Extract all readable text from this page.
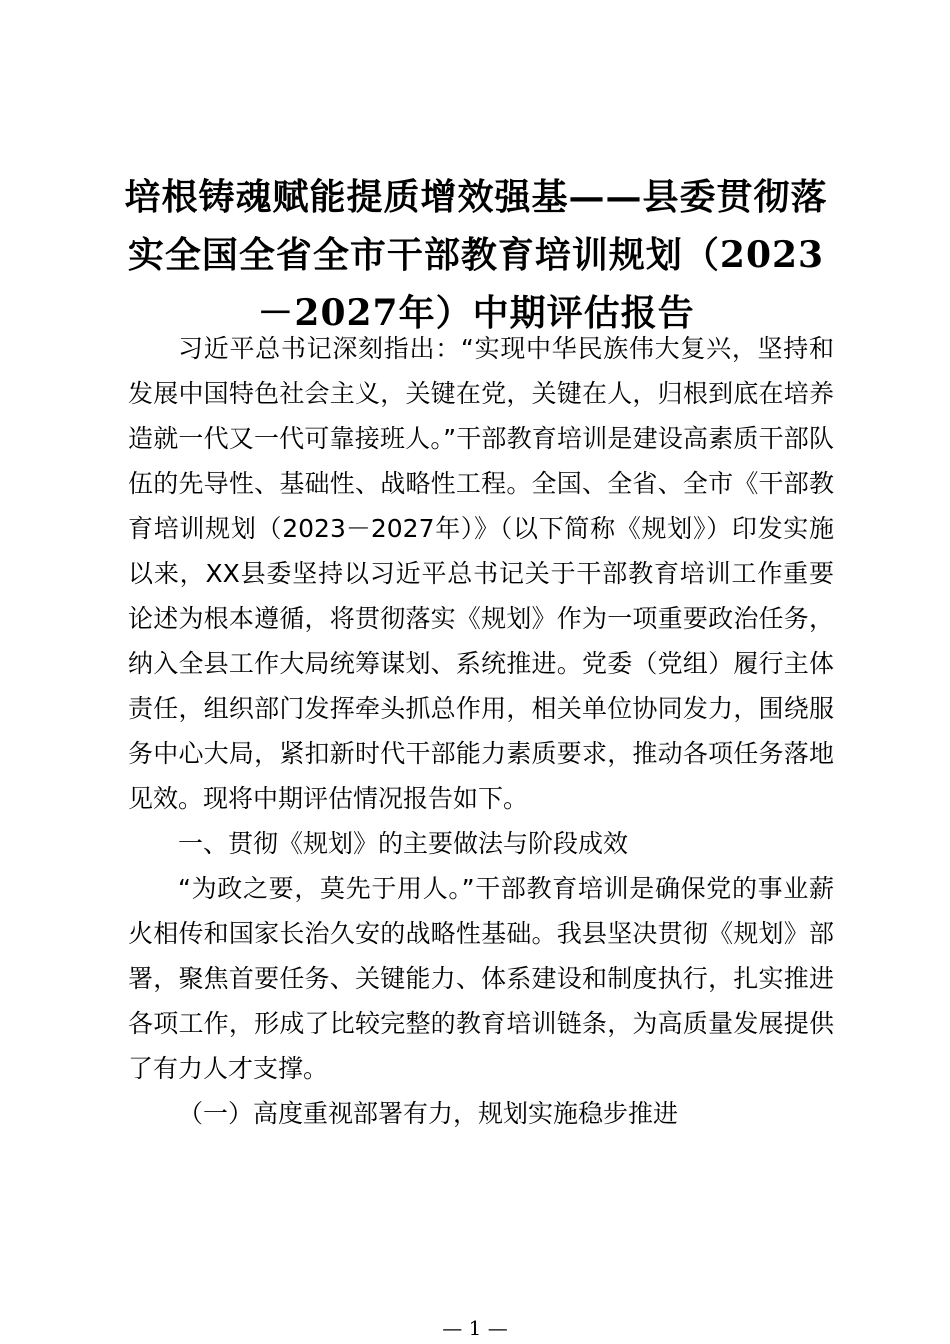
培根铸魂赋能提质增效强基——县委贯彻落实全国全省全市干部教育培训规划（2023－2027年）中期评估报告

习近平总书记深刻指出：“实现中华民族伟大复兴，坚持和发展中国特色社会主义，关键在党，关键在人，归根到底在培养造就一代又一代可靠接班人。”干部教育培训是建设高素质干部队伍的先导性、基础性、战略性工程。全国、全省、全市《干部教育培训规划（2023－2027年）》（以下简称《规划》）印发实施以来，XX县委坚持以习近平总书记关于干部教育培训工作重要论述为根本遵循，将贯彻落实《规划》作为一项重要政治任务，纳入全县工作大局统筹谋划、系统推进。党委（党组）履行主体责任，组织部门发挥牵头抓总作用，相关单位协同发力，围绕服务中心大局，紧扣新时代干部能力素质要求，推动各项任务落地见效。现将中期评估情况报告如下。

一、贯彻《规划》的主要做法与阶段成效

“为政之要，莫先于用人。”干部教育培训是确保党的事业薪火相传和国家长治久安的战略性基础。我县坚决贯彻《规划》部署，聚焦首要任务、关键能力、体系建设和制度执行，扎实推进各项工作，形成了比较完整的教育培训链条，为高质量发展提供了有力人才支撑。

（一）高度重视部署有力，规划实施稳步推进

— 1 —
